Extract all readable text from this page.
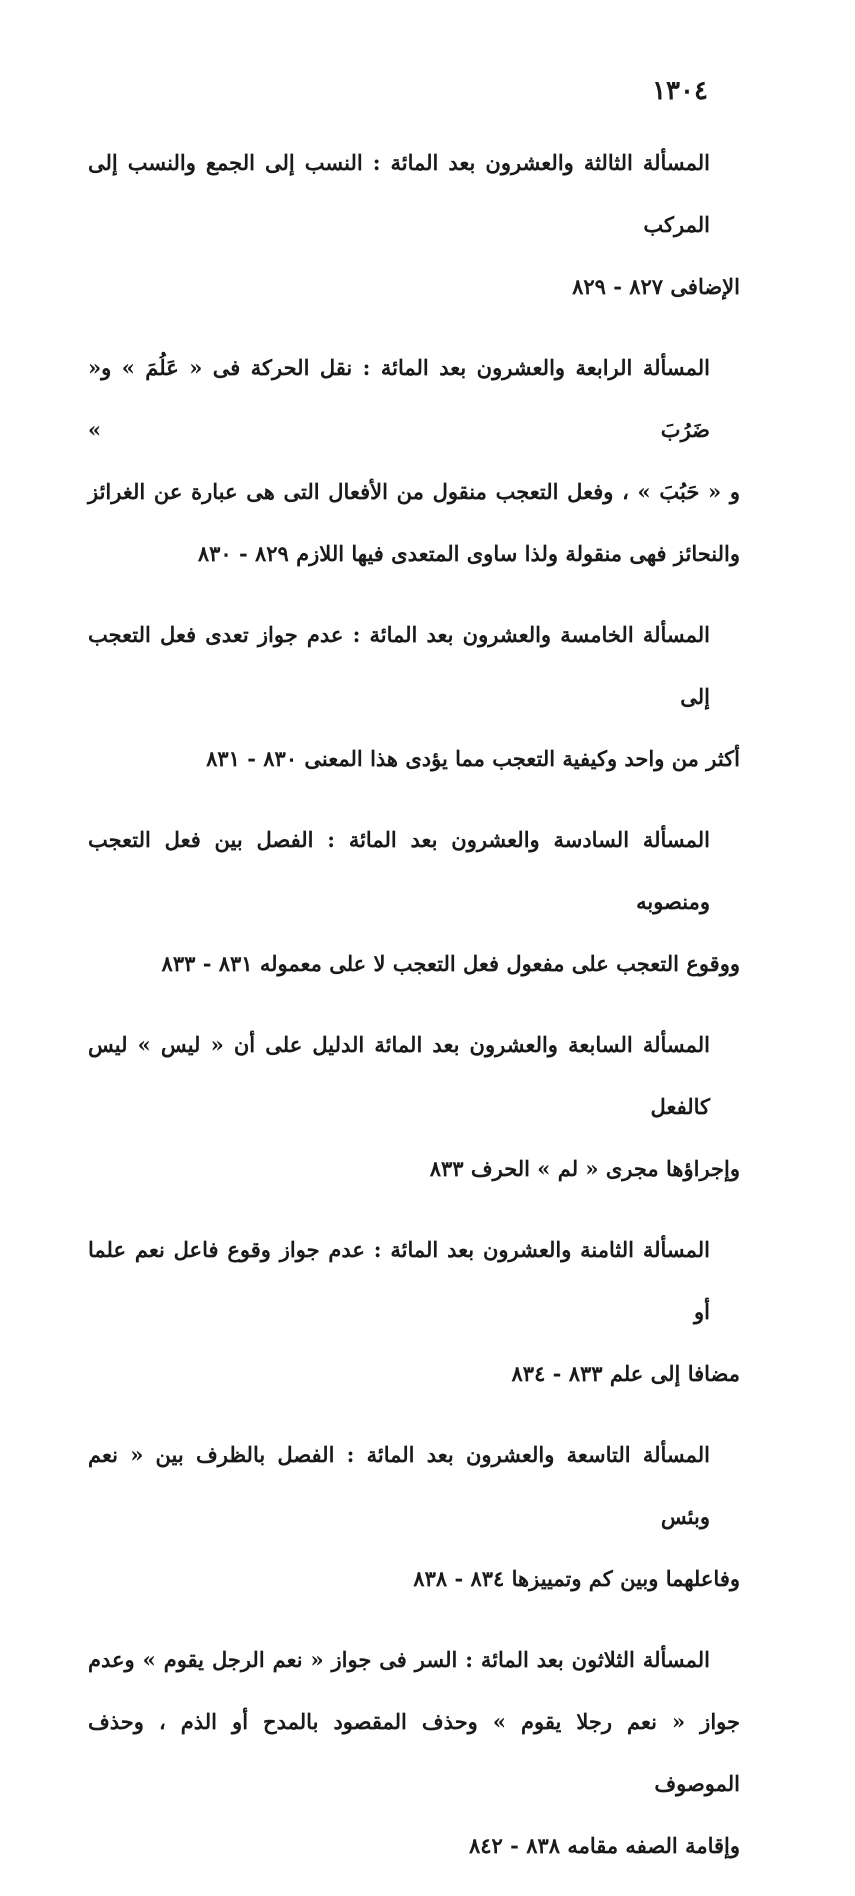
١٣٠٤

المسألة الثالثة والعشرون بعد المائة : النسب إلى الجمع والنسب إلى المركب
الإضافى ٨٢٧ - ٨٢٩

المسألة الرابعة والعشرون بعد المائة : نقل الحركة فى « عَلُمَ » و« ضَرُبَ »
و « حَبُبَ » ، وفعل التعجب منقول من الأفعال التى هى عبارة عن الغرائز
والنحائز فهى منقولة ولذا ساوى المتعدى فيها اللازم ٨٢٩ - ٨٣٠

المسألة الخامسة والعشرون بعد المائة : عدم جواز تعدى فعل التعجب إلى
أكثر من واحد وكيفية التعجب مما يؤدى هذا المعنى ٨٣٠ - ٨٣١

المسألة السادسة والعشرون بعد المائة : الفصل بين فعل التعجب ومنصوبه
ووقوع التعجب على مفعول فعل التعجب لا على معموله ٨٣١ - ٨٣٣

المسألة السابعة والعشرون بعد المائة الدليل على أن « ليس » ليس كالفعل
وإجراؤها مجرى « لم » الحرف ٨٣٣

المسألة الثامنة والعشرون بعد المائة : عدم جواز وقوع فاعل نعم علما أو
مضافا إلى علم ٨٣٣ - ٨٣٤

المسألة التاسعة والعشرون بعد المائة : الفصل بالظرف بين « نعم وبئس
وفاعلهما وبين كم وتمييزها ٨٣٤ - ٨٣٨

المسألة الثلاثون بعد المائة : السر فى جواز « نعم الرجل يقوم » وعدم
جواز « نعم رجلا يقوم » وحذف المقصود بالمدح أو الذم ، وحذف الموصوف
وإقامة الصفه مقامه ٨٣٨ - ٨٤٢
